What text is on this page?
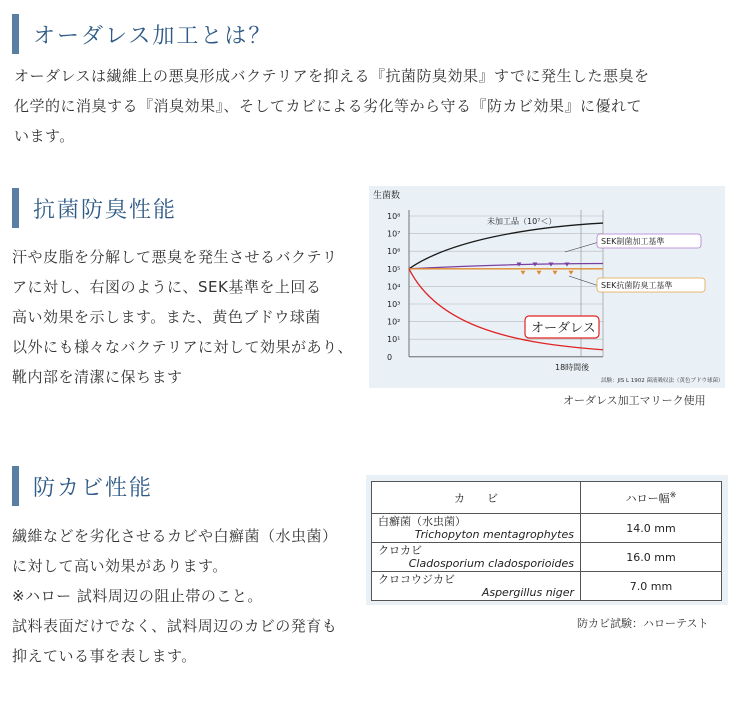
オーダレス加工とは？
オーダレスは繊維上の悪臭形成バクテリアを抑える『抗菌防臭効果』すでに発生した悪臭を
化学的に消臭する『消臭効果』、そしてカビによる劣化等から守る『防カビ効果』に優れて
います。
抗菌防臭性能
汗や皮脂を分解して悪臭を発生させるバクテリ
アに対し、右図のように、SEK基準を上回る
高い効果を示します。また、黄色ブドウ球菌
以外にも様々なバクテリアに対して効果があり、
靴内部を清潔に保ちます
生菌数
10⁸
10⁷
10⁶
10⁵
10⁴
10³
10²
10¹
0
18時間後
未加工品（10⁷＜）
SEK制菌加工基準
SEK抗菌防臭工基準
オーダレス
試験：JIS L 1902 菌液吸収法（黄色ブドウ球菌）
オーダレス加工マリーク使用
防カビ性能
繊維などを劣化させるカビや白癬菌（水虫菌）
に対して高い効果があります。
※ハロー 試料周辺の阻止帯のこと。
試料表面だけでなく、試料周辺のカビの発育も
抑えている事を表します。
カ　　ビ	ハロー幅※

白癬菌（水虫菌）
Trichopyton mentagrophytes	14.0 mm

クロカビ
Cladosporium cladosporioides	16.0 mm

クロコウジカビ
Aspergillus niger	7.0 mm
防カビ試験：ハローテスト
